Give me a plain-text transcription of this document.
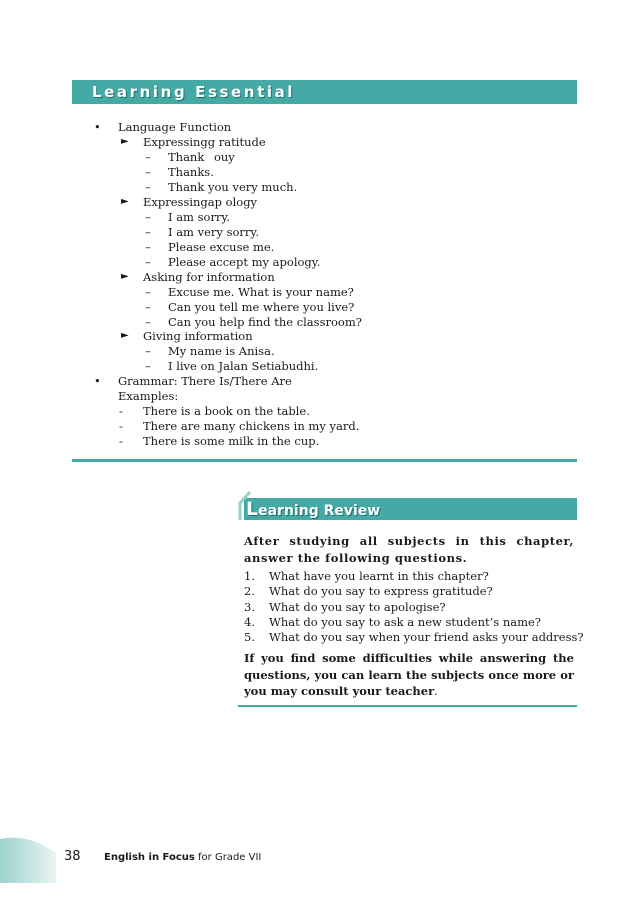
Learning Essential
• Language Function
► Expressingg ratitude
– Thank ouy
– Thanks.
– Thank you very much.
► Expressingap ology
– I am sorry.
– I am very sorry.
– Please excuse me.
– Please accept my apology.
► Asking for information
– Excuse me. What is your name?
– Can you tell me where you live?
– Can you help find the classroom?
► Giving information
– My name is Anisa.
– I live on Jalan Setiabudhi.
• Grammar: There Is/There Are
Examples:
- There is a book on the table.
- There are many chickens in my yard.
- There is some milk in the cup.
Learning Review
After studying all subjects in this chapter, answer the following questions.
1. What have you learnt in this chapter?
2. What do you say to express gratitude?
3. What do you say to apologise?
4. What do you say to ask a new student’s name?
5. What do you say when your friend asks your address?
If you find some difficulties while answering the questions, you can learn the subjects once more or you may consult your teacher.
38 English in Focus for Grade VII
